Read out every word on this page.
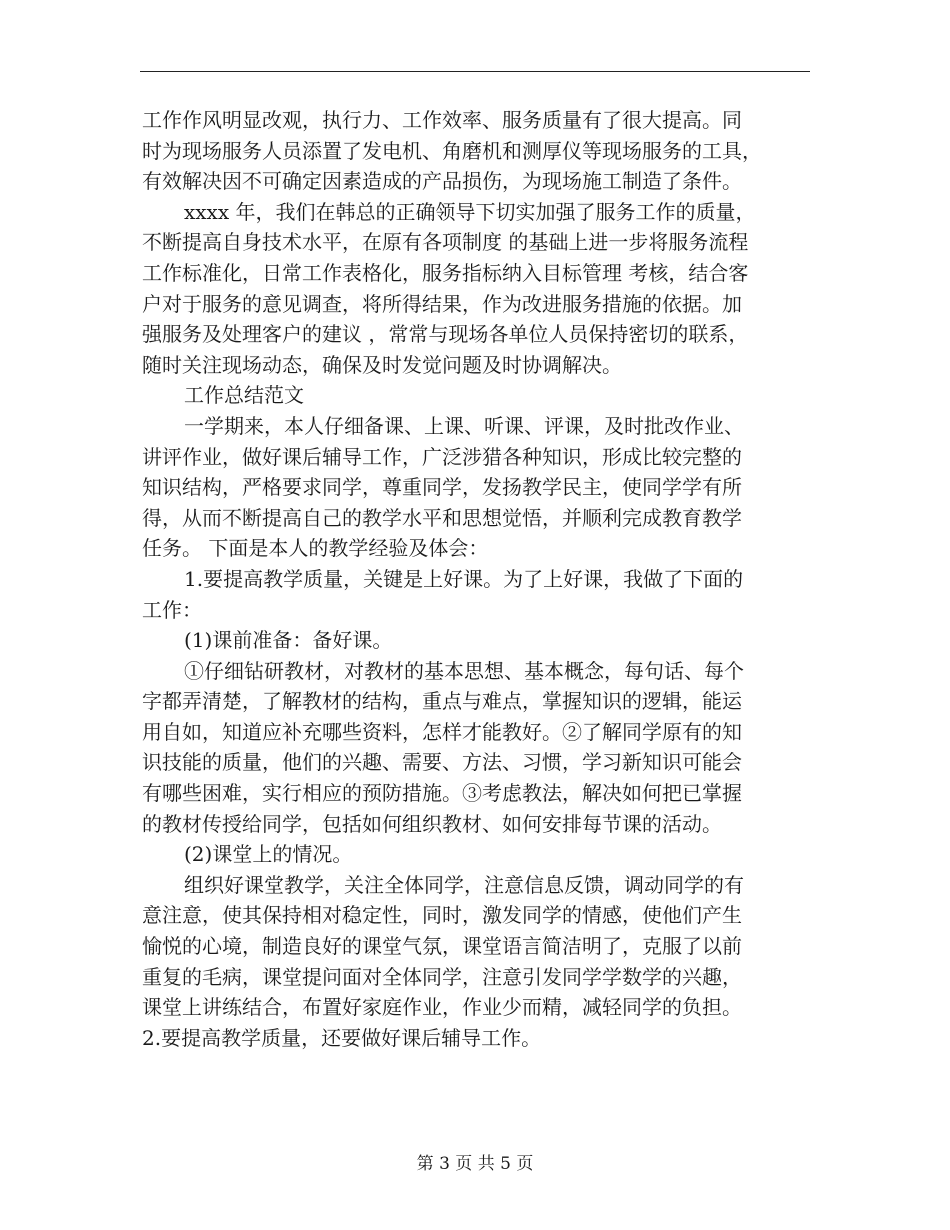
工作作风明显改观，执行力、工作效率、服务质量有了很大提高。同
时为现场服务人员添置了发电机、角磨机和测厚仪等现场服务的工具，
有效解决因不可确定因素造成的产品损伤，为现场施工制造了条件。
xxxx 年，我们在韩总的正确领导下切实加强了服务工作的质量，
不断提高自身技术水平，在原有各项制度 的基础上进一步将服务流程
工作标准化，日常工作表格化，服务指标纳入目标管理 考核，结合客
户对于服务的意见调查，将所得结果，作为改进服务措施的依据。加
强服务及处理客户的建议 ，常常与现场各单位人员保持密切的联系，
随时关注现场动态，确保及时发觉问题及时协调解决。
工作总结范文
一学期来，本人仔细备课、上课、听课、评课，及时批改作业、
讲评作业，做好课后辅导工作，广泛涉猎各种知识，形成比较完整的
知识结构，严格要求同学，尊重同学，发扬教学民主，使同学学有所
得，从而不断提高自己的教学水平和思想觉悟，并顺利完成教育教学
任务。 下面是本人的教学经验及体会：
1.要提高教学质量，关键是上好课。为了上好课，我做了下面的
工作：
(1)课前准备：备好课。
①仔细钻研教材，对教材的基本思想、基本概念，每句话、每个
字都弄清楚，了解教材的结构，重点与难点，掌握知识的逻辑，能运
用自如，知道应补充哪些资料，怎样才能教好。②了解同学原有的知
识技能的质量，他们的兴趣、需要、方法、习惯，学习新知识可能会
有哪些困难，实行相应的预防措施。③考虑教法，解决如何把已掌握
的教材传授给同学，包括如何组织教材、如何安排每节课的活动。
(2)课堂上的情况。
组织好课堂教学，关注全体同学，注意信息反馈，调动同学的有
意注意，使其保持相对稳定性，同时，激发同学的情感，使他们产生
愉悦的心境，制造良好的课堂气氛，课堂语言简洁明了，克服了以前
重复的毛病，课堂提问面对全体同学，注意引发同学学数学的兴趣，
课堂上讲练结合，布置好家庭作业，作业少而精，减轻同学的负担。
2.要提高教学质量，还要做好课后辅导工作。
第 3 页 共 5 页
